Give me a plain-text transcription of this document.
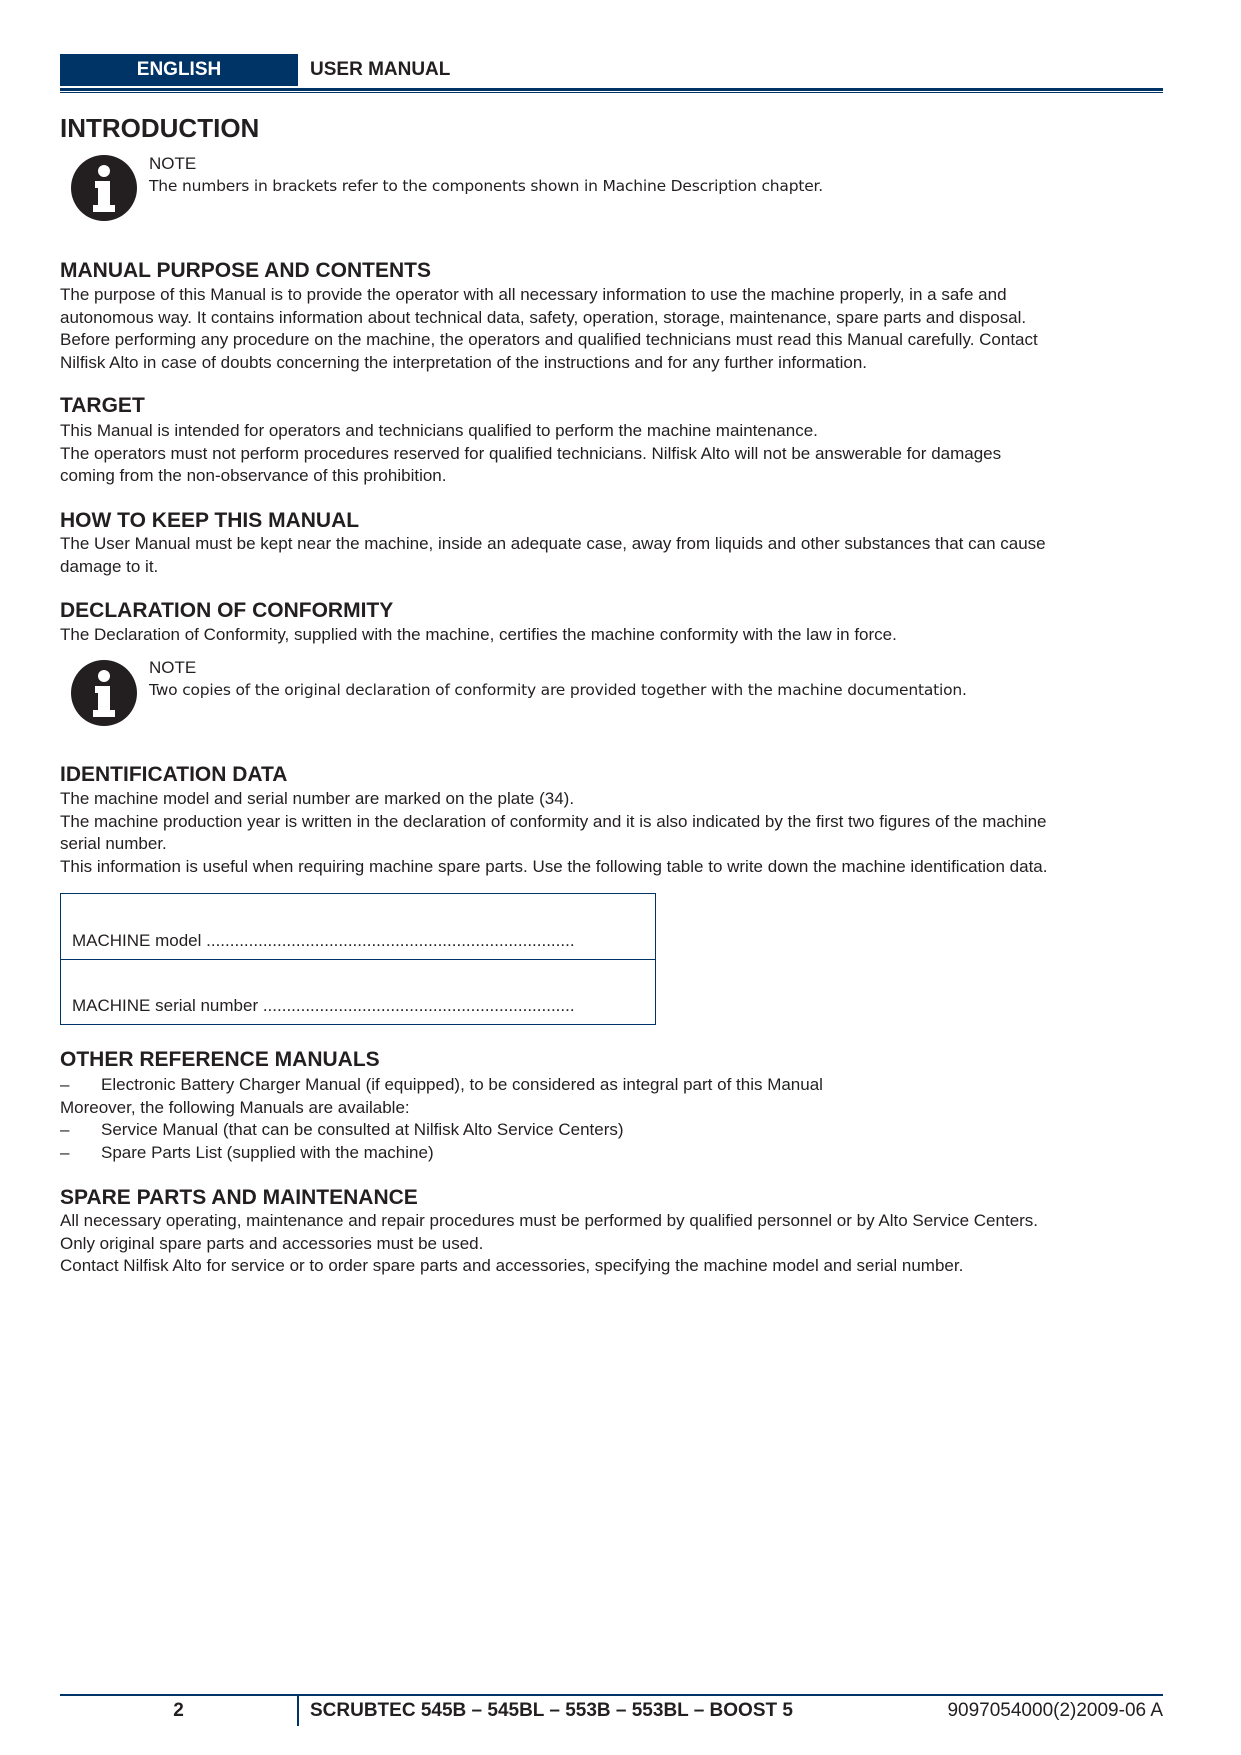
ENGLISH	USER MANUAL
INTRODUCTION
NOTE
The numbers in brackets refer to the components shown in Machine Description chapter.
MANUAL PURPOSE AND CONTENTS
The purpose of this Manual is to provide the operator with all necessary information to use the machine properly, in a safe and
autonomous way. It contains information about technical data, safety, operation, storage, maintenance, spare parts and disposal.
Before performing any procedure on the machine, the operators and qualified technicians must read this Manual carefully. Contact
Nilfisk Alto in case of doubts concerning the interpretation of the instructions and for any further information.
TARGET
This Manual is intended for operators and technicians qualified to perform the machine maintenance.
The operators must not perform procedures reserved for qualified technicians. Nilfisk Alto will not be answerable for damages
coming from the non-observance of this prohibition.
HOW TO KEEP THIS MANUAL
The User Manual must be kept near the machine, inside an adequate case, away from liquids and other substances that can cause
damage to it.
DECLARATION OF CONFORMITY
The Declaration of Conformity, supplied with the machine, certifies the machine conformity with the law in force.
NOTE
Two copies of the original declaration of conformity are provided together with the machine documentation.
IDENTIFICATION DATA
The machine model and serial number are marked on the plate (34).
The machine production year is written in the declaration of conformity and it is also indicated by the first two figures of the machine
serial number.
This information is useful when requiring machine spare parts. Use the following table to write down the machine identification data.
MACHINE model ..............................................................................
MACHINE serial number ..................................................................
OTHER REFERENCE MANUALS
– Electronic Battery Charger Manual (if equipped), to be considered as integral part of this Manual
Moreover, the following Manuals are available:
– Service Manual (that can be consulted at Nilfisk Alto Service Centers)
– Spare Parts List (supplied with the machine)
SPARE PARTS AND MAINTENANCE
All necessary operating, maintenance and repair procedures must be performed by qualified personnel or by Alto Service Centers.
Only original spare parts and accessories must be used.
Contact Nilfisk Alto for service or to order spare parts and accessories, specifying the machine model and serial number.
2	SCRUBTEC 545B – 545BL – 553B – 553BL – BOOST 5	9097054000(2)2009-06 A
